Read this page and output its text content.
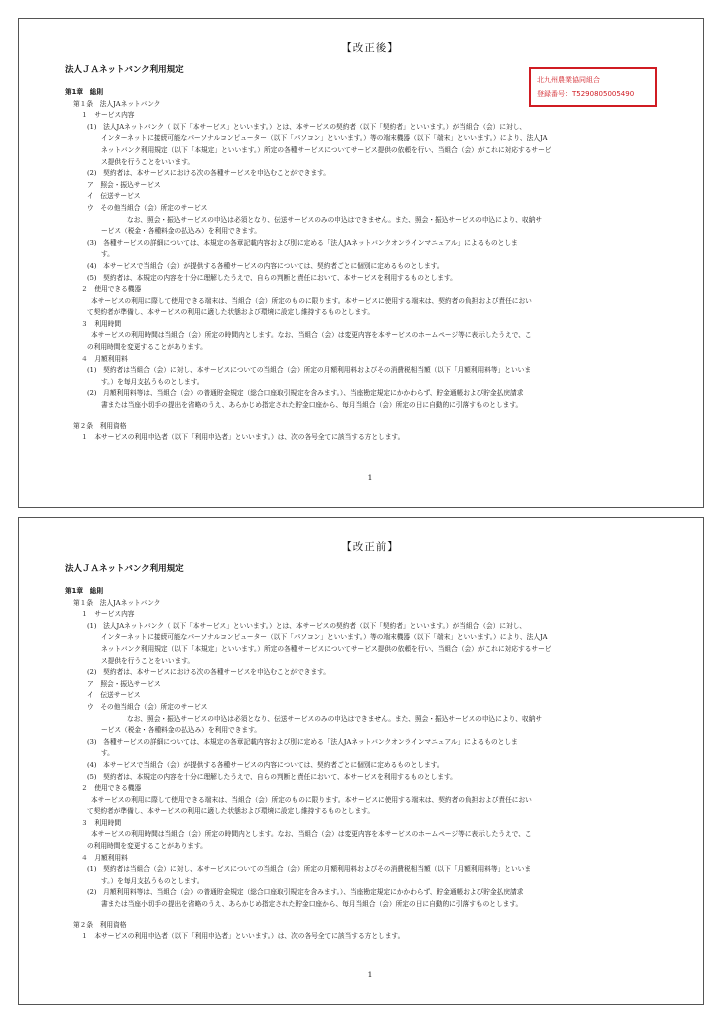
【改正後】
法人ＪＡネットバンク利用規定
第1章　総則
第１条　法人JAネットバンク
１　サービス内容
(1)　法人JAネットバンク（ 以下「本サービス」といいます。）とは、本サービスの契約者（以下「契約者」といいます。）が当組合（会）に対し、
インターネットに接続可能なパーソナルコンピューター（以下「パソコン」といいます。）等の端末機器（以下「端末」といいます。）により、法人JA
ネットバンク利用規定（以下「本規定」といいます。）所定の各種サービスについてサービス提供の依頼を行い、当組合（会）がこれに対応するサービ
ス提供を行うことをいいます。
(2)　契約者は、本サービスにおける次の各種サービスを申込むことができます。
ア　照会・振込サービス
イ　伝送サービス
ウ　その他当組合（会）所定のサービス
なお、照会・振込サービスの申込は必須となり、伝送サービスのみの申込はできません。また、照会・振込サービスの申込により、収納サ
ービス（税金・各種料金の払込み）を利用できます。
(3)　各種サービスの詳細については、本規定の各章記載内容および別に定める「法人JAネットバンクオンラインマニュアル」によるものとしま
す。
(4)　本サービスで当組合（会）が提供する各種サービスの内容については、契約者ごとに個別に定めるものとします。
(5)　契約者は、本規定の内容を十分に理解したうえで、自らの判断と責任において、本サービスを利用するものとします。
２　使用できる機器
本サービスの利用に際して使用できる端末は、当組合（会）所定のものに限ります。本サービスに使用する端末は、契約者の負担および責任におい
て契約者が準備し、本サービスの利用に適した状態および環境に設定し維持するものとします。
３　利用時間
本サービスの利用時間は当組合（会）所定の時間内とします。なお、当組合（会）は変更内容を本サービスのホームページ等に表示したうえで、こ
の利用時間を変更することがあります。
４　月額利用料
(1)　契約者は当組合（会）に対し、本サービスについての当組合（会）所定の月額利用料およびその消費税相当額（以下「月額利用料等」といいま
す。）を毎月支払うものとします。
(2)　月額利用料等は、当組合（会）の普通貯金規定（総合口座取引規定を含みます。）、当座勘定規定にかかわらず、貯金通帳および貯金払戻請求
書または当座小切手の提出を省略のうえ、あらかじめ指定された貯金口座から、毎月当組合（会）所定の日に自動的に引落すものとします。
第２条　利用資格
１　本サービスの利用申込者（以下「利用申込者」といいます。）は、次の各号全てに該当する方とします。
1
北九州農業協同組合
登録番号：T5290805005490
【改正前】
法人ＪＡネットバンク利用規定
第1章　総則
第１条　法人JAネットバンク
１　サービス内容
(1)　法人JAネットバンク（ 以下「本サービス」といいます。）とは、本サービスの契約者（以下「契約者」といいます。）が当組合（会）に対し、
インターネットに接続可能なパーソナルコンピューター（以下「パソコン」といいます。）等の端末機器（以下「端末」といいます。）により、法人JA
ネットバンク利用規定（以下「本規定」といいます。）所定の各種サービスについてサービス提供の依頼を行い、当組合（会）がこれに対応するサービ
ス提供を行うことをいいます。
(2)　契約者は、本サービスにおける次の各種サービスを申込むことができます。
ア　照会・振込サービス
イ　伝送サービス
ウ　その他当組合（会）所定のサービス
なお、照会・振込サービスの申込は必須となり、伝送サービスのみの申込はできません。また、照会・振込サービスの申込により、収納サ
ービス（税金・各種料金の払込み）を利用できます。
(3)　各種サービスの詳細については、本規定の各章記載内容および別に定める「法人JAネットバンクオンラインマニュアル」によるものとしま
す。
(4)　本サービスで当組合（会）が提供する各種サービスの内容については、契約者ごとに個別に定めるものとします。
(5)　契約者は、本規定の内容を十分に理解したうえで、自らの判断と責任において、本サービスを利用するものとします。
２　使用できる機器
本サービスの利用に際して使用できる端末は、当組合（会）所定のものに限ります。本サービスに使用する端末は、契約者の負担および責任におい
て契約者が準備し、本サービスの利用に適した状態および環境に設定し維持するものとします。
３　利用時間
本サービスの利用時間は当組合（会）所定の時間内とします。なお、当組合（会）は変更内容を本サービスのホームページ等に表示したうえで、こ
の利用時間を変更することがあります。
４　月額利用料
(1)　契約者は当組合（会）に対し、本サービスについての当組合（会）所定の月額利用料およびその消費税相当額（以下「月額利用料等」といいま
す。）を毎月支払うものとします。
(2)　月額利用料等は、当組合（会）の普通貯金規定（総合口座取引規定を含みます。）、当座勘定規定にかかわらず、貯金通帳および貯金払戻請求
書または当座小切手の提出を省略のうえ、あらかじめ指定された貯金口座から、毎月当組合（会）所定の日に自動的に引落すものとします。
第２条　利用資格
１　本サービスの利用申込者（以下「利用申込者」といいます。）は、次の各号全てに該当する方とします。
1
